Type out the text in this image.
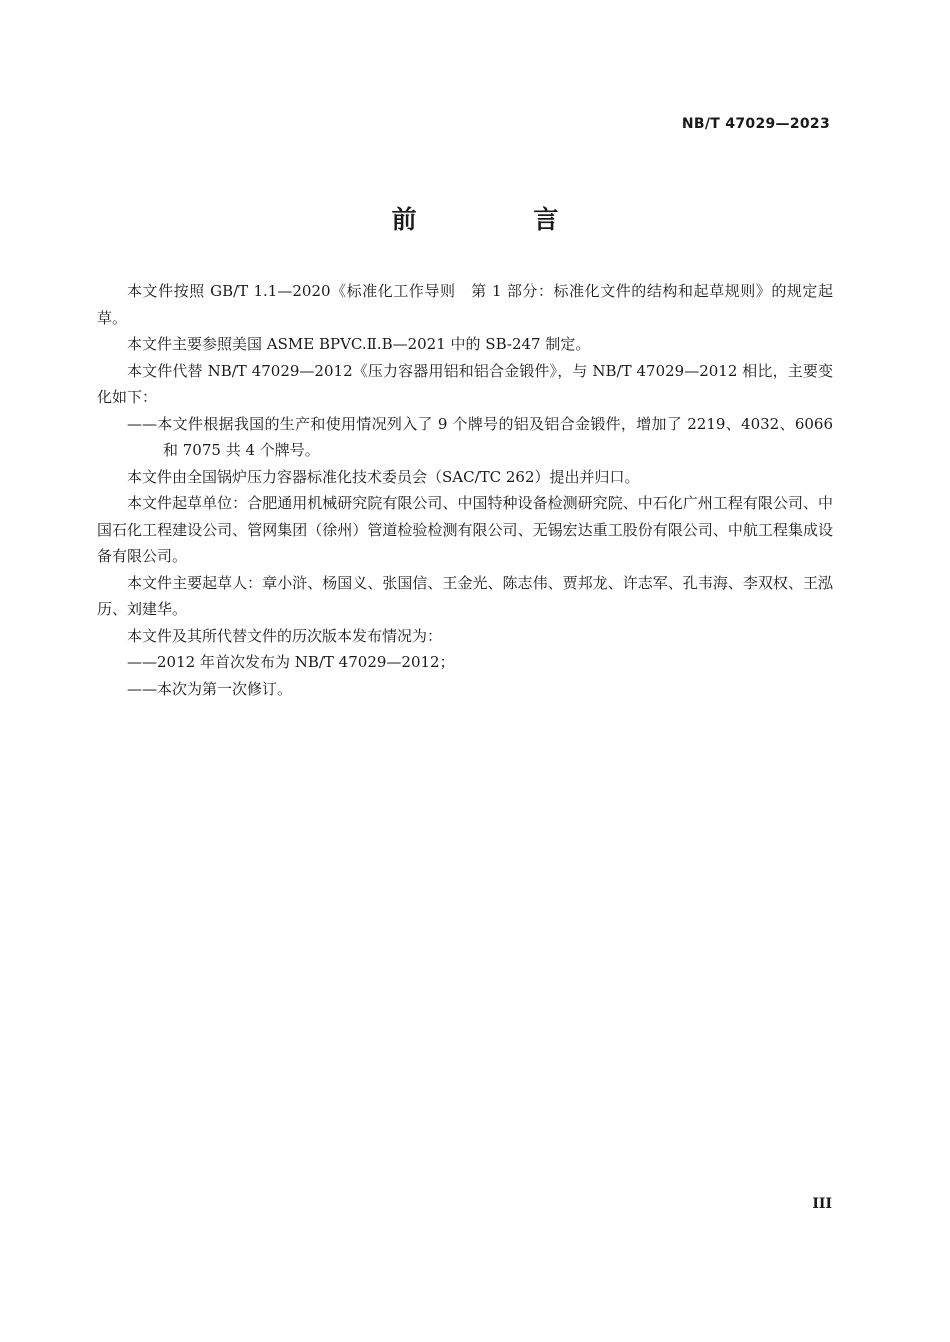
NB/T 47029—2023
前 言

本文件按照 GB/T 1.1—2020《标准化工作导则　第 1 部分：标准化文件的结构和起草规则》的规定起草。

本文件主要参照美国 ASME BPVC.Ⅱ.B—2021 中的 SB-247 制定。

本文件代替 NB/T 47029—2012《压力容器用铝和铝合金锻件》，与 NB/T 47029—2012 相比，主要变化如下：

——本文件根据我国的生产和使用情况列入了 9 个牌号的铝及铝合金锻件，增加了 2219、4032、6066 和 7075 共 4 个牌号。

本文件由全国锅炉压力容器标准化技术委员会（SAC/TC 262）提出并归口。

本文件起草单位：合肥通用机械研究院有限公司、中国特种设备检测研究院、中石化广州工程有限公司、中国石化工程建设公司、管网集团（徐州）管道检验检测有限公司、无锡宏达重工股份有限公司、中航工程集成设备有限公司。

本文件主要起草人：章小浒、杨国义、张国信、王金光、陈志伟、贾邦龙、许志军、孔韦海、李双权、王泓历、刘建华。

本文件及其所代替文件的历次版本发布情况为：

——2012 年首次发布为 NB/T 47029—2012；

——本次为第一次修订。

III
